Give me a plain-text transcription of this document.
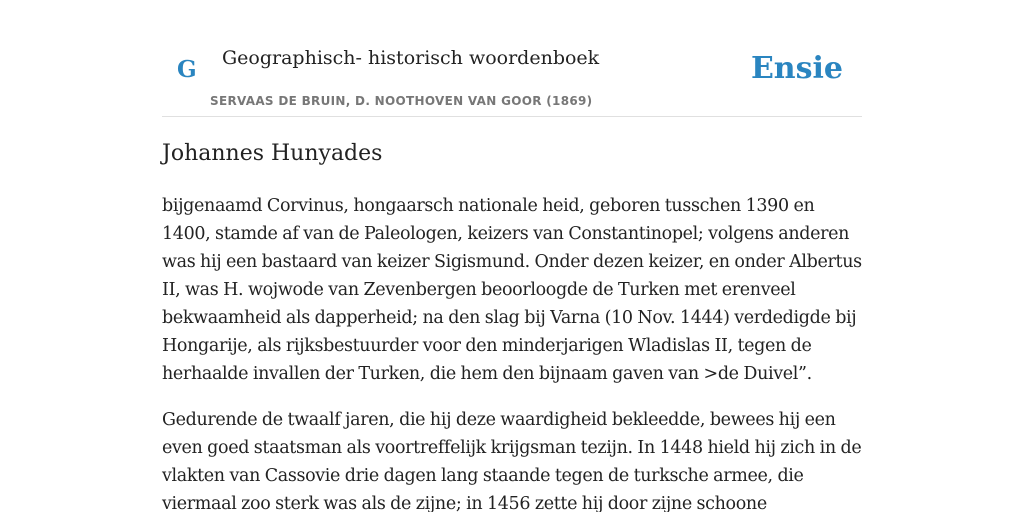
G Geographisch- historisch woordenboek
SERVAAS DE BRUIN, D. NOOTHOVEN VAN GOOR (1869)
Ensie
Johannes Hunyades

bijgenaamd Corvinus, hongaarsch nationale heid, geboren tusschen 1390 en 1400, stamde af van de Paleologen, keizers van Constantinopel; volgens anderen was hij een bastaard van keizer Sigismund. Onder dezen keizer, en onder Albertus II, was H. wojwode van Zevenbergen beoorloogde de Turken met erenveel bekwaamheid als dapperheid; na den slag bij Varna (10 Nov. 1444) verdedigde bij Hongarije, als rijksbestuurder voor den minderjarigen Wladislas II, tegen de herhaalde invallen der Turken, die hem den bijnaam gaven van >de Duivel”.

Gedurende de twaalf jaren, die hij deze waardigheid bekleedde, bewees hij een even goed staatsman als voortreffelijk krijgsman tezijn. In 1448 hield hij zich in de vlakten van Cassovie drie dagen lang staande tegen de turksche armee, die viermaal zoo sterk was als de zijne; in 1456 zette hij door zijne schoone
